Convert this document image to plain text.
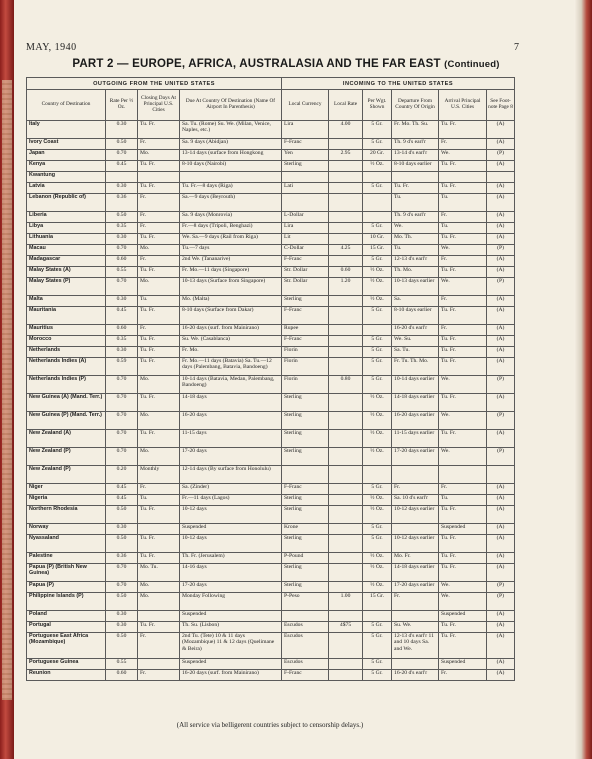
MAY, 1940	7
PART 2 — EUROPE, AFRICA, AUSTRALASIA AND THE FAR EAST (Continued)
OUTGOING FROM THE UNITED STATES				INCOMING TO THE UNITED STATES					
Country of Destination	Rate Per ½ Oz.	Closing Days At Principal U.S. Cities	Due At Country Of Destination (Name Of Airport In Parenthesis)	Local Currency	Local Rate	Per Wgt. Shown	Departure From Country Of Origin	Arrival Principal U.S. Cities	See Foot-note Page 8
Italy	0.30	Tu. Fr.	Sa. Tu. (Rome) Su. We. (Milan, Venice, Naples, etc.)	Lira	4.00	5 Gr.	Fr. Mo. Th. Su.	Tu. Fr.	(A)
Ivory Coast	0.50	Fr.	Sa. 9 days (Abidjan)	F-Franc		5 Gr.	Th. 9 d's earl'r	Fr.	(A)
Japan	0.70	Mo.	13-14 days (surface from Hongkong	Yen	2.95	20 Gr.	13-14 d's earl'r	We.	(P)
Kenya	0.45	Tu. Fr.	8-10 days (Nairobi)	Sterling		½ Oz.	8-10 days earlier	Tu. Fr.	(A)
Kwantung									
Latvia	0.30	Tu. Fr.	Tu. Fr.—8 days (Riga)	Lati		5 Gr.	Tu. Fr.	Tu. Fr.	(A)
Lebanon (Republic of)	0.36	Fr.	Sa.—9 days (Beyrouth)				Tu.	Tu.	(A)
Liberia	0.50	Fr.	Sa. 9 days (Monrovia)	L-Dollar			Th. 9 d's earl'r	Fr.	(A)
Libya	0.35	Fr.	Fr.—8 days (Tripoli, Benghazi)	Lira		5 Gr.	We.	Tu.	(A)
Lithuania	0.30	Tu. Fr.	We. Sa.—9 days (Rail from Riga)	Lit		10 Gr.	Mo. Th.	Tu. Fr.	(A)
Macau	0.70	Mo.	Tu.—7 days	C-Dollar	4.25	15 Gr.	Tu.	We.	(P)
Madagascar	0.60	Fr.	2nd We. (Tananarive)	F-Franc		5 Gr.	12-13 d's earl'r	Fr.	(A)
Malay States (A)	0.55	Tu. Fr.	Fr. Mo.—11 days (Singapore)	Str. Dollar	0.60	½ Oz.	Th. Mo.	Tu. Fr.	(A)
Malay States (P)	0.70	Mo.	10-13 days (Surface from Singapore)	Str. Dollar	1.20	½ Oz.	10-13 days earlier	We.	(P)
Malta	0.30	Tu.	Mo. (Malta)	Sterling		½ Oz.	Sa.	Fr.	(A)
Mauritania	0.45	Tu. Fr.	8-10 days (Surface from Dakar)	F-Franc		5 Gr.	8-10 days earlier	Tu. Fr.	(A)
Mauritius	0.60	Fr.	16-20 days (surf. from Mainirano)	Rupee			16-20 d's earl'r	Fr.	(A)
Morocco	0.35	Tu. Fr.	Su. We. (Casablanca)	F-Franc		5 Gr.	We. Su.	Tu. Fr.	(A)
Netherlands	0.30	Tu. Fr.	Fr. Mo.	Florin		5 Gr.	Sa. Tu.	Tu. Fr.	(A)
Netherlands Indies (A)	0.59	Tu. Fr.	Fr. Mo.—11 days (Batavia) Sa. Tu.—12 days (Palembang, Batavia, Bandoeng)	Florin		5 Gr.	Fr. Tu. Th. Mo.	Tu. Fr.	(A)
Netherlands Indies (P)	0.70	Mo.	10-14 days (Batavia, Medan, Palembang, Bandoeng)	Florin	0.80	5 Gr.	10-14 days earlier	We.	(P)
New Guinea (A) (Mand. Terr.)	0.70	Tu. Fr.	14-18 days	Sterling		½ Oz.	14-18 days earlier	Tu. Fr.	(A)
New Guinea (P) (Mand. Terr.)	0.70	Mo.	16-20 days	Sterling		½ Oz.	16-20 days earlier	We.	(P)
New Zealand (A)	0.70	Tu. Fr.	11-15 days	Sterling		½ Oz.	11-15 days earlier	Tu. Fr.	(A)
New Zealand (P)	0.70	Mo.	17-20 days	Sterling		½ Oz.	17-20 days earlier	We.	(P)
New Zealand (P)	0.20	Monthly	12-14 days (By surface from Honolulu)						
Niger	0.45	Fr.	Sa. (Zinder)	F-Franc		5 Gr.	Fr.	Fr.	(A)
Nigeria	0.45	Tu.	Fr.—11 days (Lagos)	Sterling		½ Oz.	Sa. 10 d's earl'r	Tu.	(A)
Northern Rhodesia	0.50	Tu. Fr.	10-12 days	Sterling		½ Oz.	10-12 days earlier	Tu. Fr.	(A)
Norway	0.30		Suspended	Krone		5 Gr.		Suspended	(A)
Nyassaland	0.50	Tu. Fr.	10-12 days	Sterling		5 Gr.	10-12 days earlier	Tu. Fr.	(A)
Palestine	0.36	Tu. Fr.	Th. Fr. (Jerusalem)	P-Pound		½ Oz.	Mo. Fr.	Tu. Fr.	(A)
Papua (P) (British New Guinea)	0.70	Mo. Tu.	14-16 days	Sterling		½ Oz.	14-18 days earlier	Tu. Fr.	(A)
Papua (P)	0.70	Mo.	17-20 days	Sterling		½ Oz.	17-20 days earlier	We.	(P)
Philippine Islands (P)	0.50	Mo.	Monday Following	P-Peso	1.00	15 Gr.	Fr.	We.	(P)
Poland	0.30		Suspended					Suspended	(A)
Portugal	0.30	Tu. Fr.	Th. Su. (Lisbon)	Escudos	4$75	5 Gr.	Su. We.	Tu. Fr.	(A)
Portuguese East Africa (Mozambique)	0.50	Fr.	2nd Tu. (Tete) 10 & 11 days (Mozambique) 11 & 12 days (Quelimane & Beira)	Escudos		5 Gr.	12-13 d's earl'r 11 and 10 days Sa. and We.	Tu. Fr.	(A)
Portuguese Guinea	0.55		Suspended	Escudos		5 Gr.		Suspended	(A)
Reunion	0.60	Fr.	16-20 days (surf. from Mainirano)	F-Franc		5 Gr.	16-20 d's earl'r	Fr.	(A)
(All service via belligerent countries subject to censorship delays.)
